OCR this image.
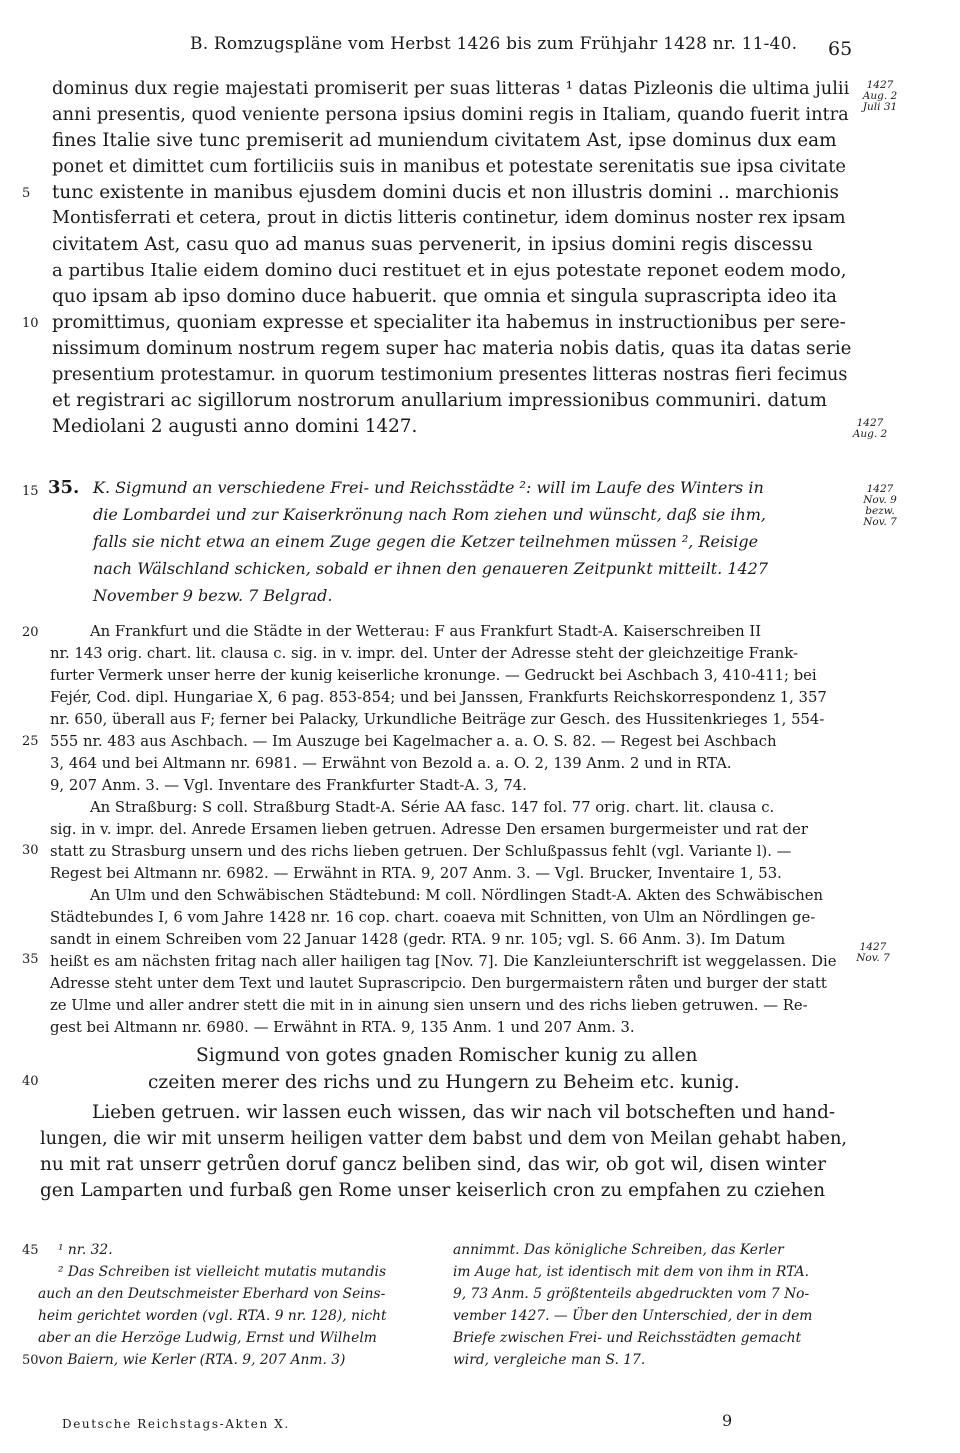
B. Romzugspläne vom Herbst 1426 bis zum Frühjahr 1428 nr. 11-40. 65
dominus dux regie majestati promiserit per suas litteras ¹ datas Pizleonis die ultima julii
anni presentis, quod veniente persona ipsius domini regis in Italiam, quando fuerit intra
fines Italie sive tunc premiserit ad muniendum civitatem Ast, ipse dominus dux eam
ponet et dimittet cum fortiliciis suis in manibus et potestate serenitatis sue ipsa civitate
tunc existente in manibus ejusdem domini ducis et non illustris domini .. marchionis
Montisferrati et cetera, prout in dictis litteris continetur, idem dominus noster rex ipsam
civitatem Ast, casu quo ad manus suas pervenerit, in ipsius domini regis discessu
a partibus Italie eidem domino duci restituet et in ejus potestate reponet eodem modo,
quo ipsam ab ipso domino duce habuerit. que omnia et singula suprascripta ideo ita
promittimus, quoniam expresse et specialiter ita habemus in instructionibus per sere-
nissimum dominum nostrum regem super hac materia nobis datis, quas ita datas serie
presentium protestamur. in quorum testimonium presentes litteras nostras fieri fecimus
et registrari ac sigillorum nostrorum anullarium impressionibus communiri. datum
Mediolani 2 augusti anno domini 1427.
5
10
1427 Aug. 2 Juli 31
1427 Aug. 2
1427 Nov. 9 bezw. Nov. 7
1427 Nov. 7
15 35. K. Sigmund an verschiedene Frei- und Reichsstädte ²: will im Laufe des Winters in
die Lombardei und zur Kaiserkrönung nach Rom ziehen und wünscht, daß sie ihm,
falls sie nicht etwa an einem Zuge gegen die Ketzer teilnehmen müssen ², Reisige
nach Wälschland schicken, sobald er ihnen den genaueren Zeitpunkt mitteilt. 1427
November 9 bezw. 7 Belgrad.
20
25
30
35
40
An Frankfurt und die Städte in der Wetterau: F aus Frankfurt Stadt-A. Kaiserschreiben II
nr. 143 orig. chart. lit. clausa c. sig. in v. impr. del. Unter der Adresse steht der gleichzeitige Frank-
furter Vermerk unser herre der kunig keiserliche kronunge. — Gedruckt bei Aschbach 3, 410-411; bei
Fejér, Cod. dipl. Hungariae X, 6 pag. 853-854; und bei Janssen, Frankfurts Reichskorrespondenz 1, 357
nr. 650, überall aus F; ferner bei Palacky, Urkundliche Beiträge zur Gesch. des Hussitenkrieges 1, 554-
555 nr. 483 aus Aschbach. — Im Auszuge bei Kagelmacher a. a. O. S. 82. — Regest bei Aschbach
3, 464 und bei Altmann nr. 6981. — Erwähnt von Bezold a. a. O. 2, 139 Anm. 2 und in RTA.
9, 207 Anm. 3. — Vgl. Inventare des Frankfurter Stadt-A. 3, 74.
An Straßburg: S coll. Straßburg Stadt-A. Série AA fasc. 147 fol. 77 orig. chart. lit. clausa c.
sig. in v. impr. del. Anrede Ersamen lieben getruen. Adresse Den ersamen burgermeister und rat der
statt zu Strasburg unsern und des richs lieben getruen. Der Schlußpassus fehlt (vgl. Variante l). —
Regest bei Altmann nr. 6982. — Erwähnt in RTA. 9, 207 Anm. 3. — Vgl. Brucker, Inventaire 1, 53.
An Ulm und den Schwäbischen Städtebund: M coll. Nördlingen Stadt-A. Akten des Schwäbischen
Städtebundes I, 6 vom Jahre 1428 nr. 16 cop. chart. coaeva mit Schnitten, von Ulm an Nördlingen ge-
sandt in einem Schreiben vom 22 Januar 1428 (gedr. RTA. 9 nr. 105; vgl. S. 66 Anm. 3). Im Datum
heißt es am nächsten fritag nach aller hailigen tag [Nov. 7]. Die Kanzleiunterschrift ist weggelassen. Die
Adresse steht unter dem Text und lautet Suprascripcio. Den burgermaistern råten und burger der statt
ze Ulme und aller andrer stett die mit in in ainung sien unsern und des richs lieben getruwen. — Re-
gest bei Altmann nr. 6980. — Erwähnt in RTA. 9, 135 Anm. 1 und 207 Anm. 3.
Sigmund von gotes gnaden Romischer kunig zu allen
czeiten merer des richs und zu Hungern zu Beheim etc. kunig.
Lieben getruen. wir lassen euch wissen, das wir nach vil botscheften und hand-
lungen, die wir mit unserm heiligen vatter dem babst und dem von Meilan gehabt haben,
nu mit rat unserr getrůen doruf gancz beliben sind, das wir, ob got wil, disen winter
gen Lamparten und furbaß gen Rome unser keiserlich cron zu empfahen zu cziehen
45
50
¹ nr. 32.
² Das Schreiben ist vielleicht mutatis mutandis
auch an den Deutschmeister Eberhard von Seins-
heim gerichtet worden (vgl. RTA. 9 nr. 128), nicht
aber an die Herzöge Ludwig, Ernst und Wilhelm
von Baiern, wie Kerler (RTA. 9, 207 Anm. 3)
annimmt. Das königliche Schreiben, das Kerler
im Auge hat, ist identisch mit dem von ihm in RTA.
9, 73 Anm. 5 größtenteils abgedruckten vom 7 No-
vember 1427. — Über den Unterschied, der in dem
Briefe zwischen Frei- und Reichsstädten gemacht
wird, vergleiche man S. 17.
Deutsche Reichstags-Akten X.	9
